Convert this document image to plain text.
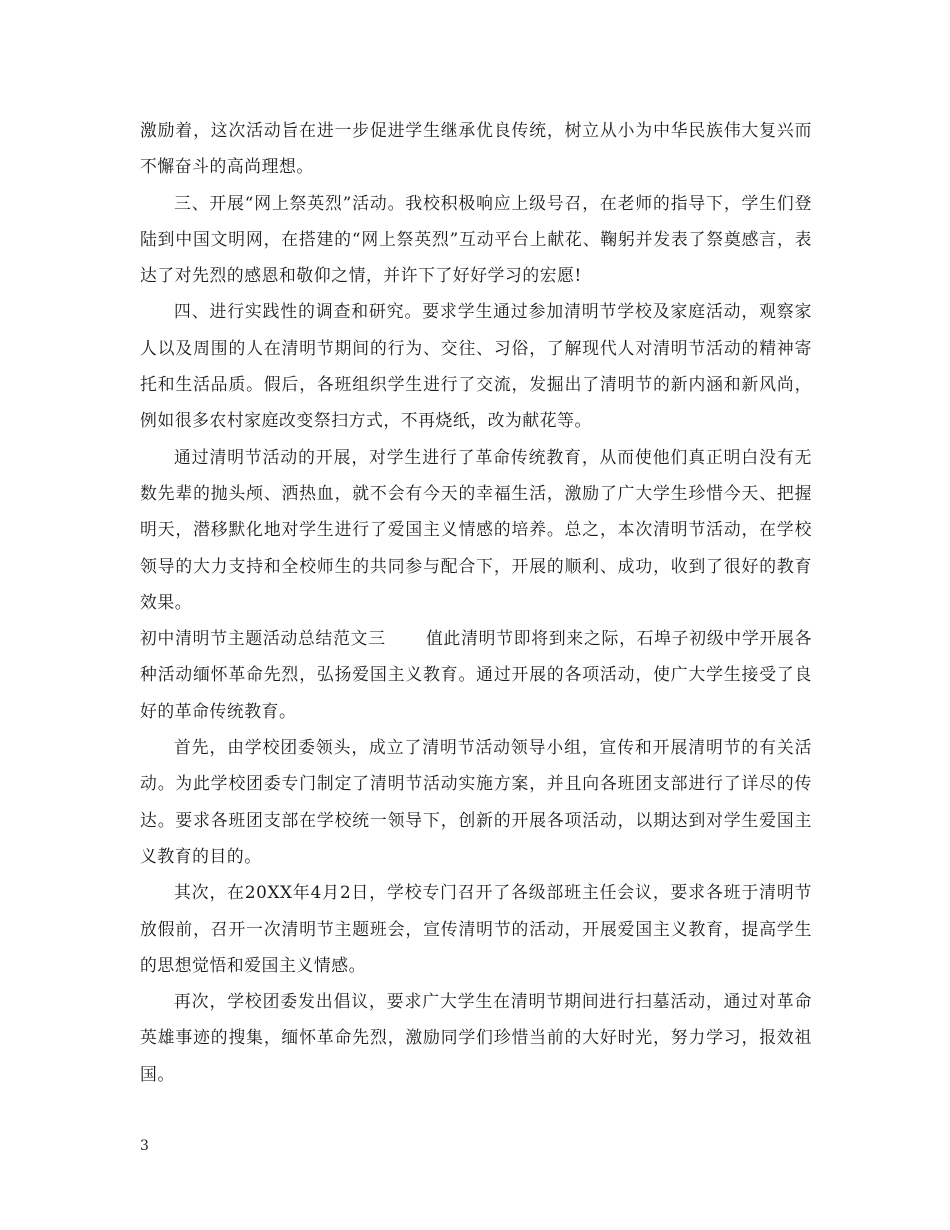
激励着，这次活动旨在进一步促进学生继承优良传统，树立从小为中华民族伟大复兴而不懈奋斗的高尚理想。

三、开展“网上祭英烈”活动。我校积极响应上级号召，在老师的指导下，学生们登陆到中国文明网，在搭建的“网上祭英烈”互动平台上献花、鞠躬并发表了祭奠感言，表达了对先烈的感恩和敬仰之情，并许下了好好学习的宏愿!

四、进行实践性的调查和研究。要求学生通过参加清明节学校及家庭活动，观察家人以及周围的人在清明节期间的行为、交往、习俗，了解现代人对清明节活动的精神寄托和生活品质。假后，各班组织学生进行了交流，发掘出了清明节的新内涵和新风尚，例如很多农村家庭改变祭扫方式，不再烧纸，改为献花等。

通过清明节活动的开展，对学生进行了革命传统教育，从而使他们真正明白没有无数先辈的抛头颅、洒热血，就不会有今天的幸福生活，激励了广大学生珍惜今天、把握明天，潜移默化地对学生进行了爱国主义情感的培养。总之，本次清明节活动，在学校领导的大力支持和全校师生的共同参与配合下，开展的顺利、成功，收到了很好的教育效果。

初中清明节主题活动总结范文三 值此清明节即将到来之际，石埠子初级中学开展各种活动缅怀革命先烈，弘扬爱国主义教育。通过开展的各项活动，使广大学生接受了良好的革命传统教育。

首先，由学校团委领头，成立了清明节活动领导小组，宣传和开展清明节的有关活动。为此学校团委专门制定了清明节活动实施方案，并且向各班团支部进行了详尽的传达。要求各班团支部在学校统一领导下，创新的开展各项活动，以期达到对学生爱国主义教育的目的。

其次，在20XX年4月2日，学校专门召开了各级部班主任会议，要求各班于清明节放假前，召开一次清明节主题班会，宣传清明节的活动，开展爱国主义教育，提高学生的思想觉悟和爱国主义情感。

再次，学校团委发出倡议，要求广大学生在清明节期间进行扫墓活动，通过对革命英雄事迹的搜集，缅怀革命先烈，激励同学们珍惜当前的大好时光，努力学习，报效祖国。

3
